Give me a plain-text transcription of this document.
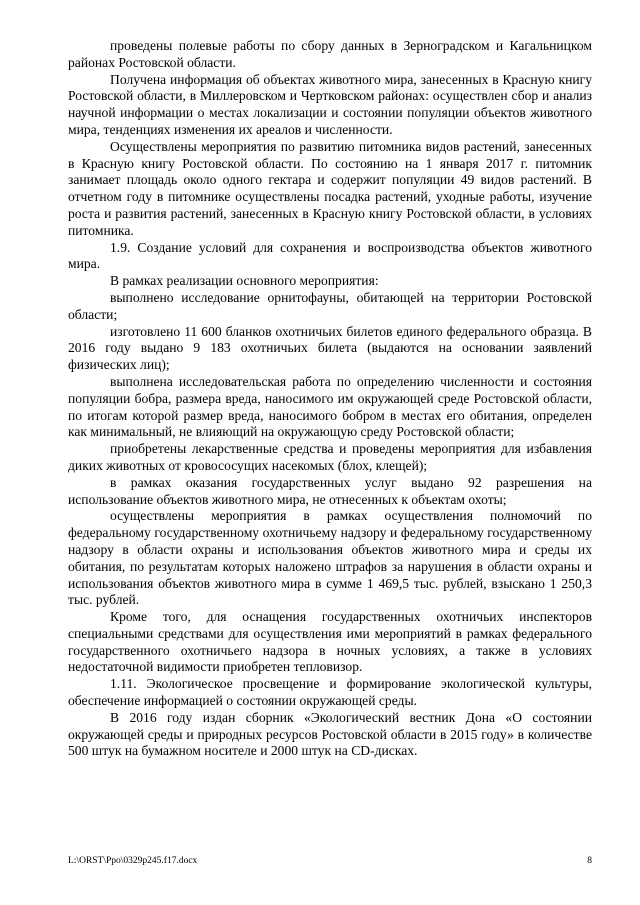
проведены полевые работы по сбору данных в Зерноградском и Кагальницком районах Ростовской области.

Получена информация об объектах животного мира, занесенных в Красную книгу Ростовской области, в Миллеровском и Чертковском районах: осуществлен сбор и анализ научной информации о местах локализации и состоянии популяции объектов животного мира, тенденциях изменения их ареалов и численности.

Осуществлены мероприятия по развитию питомника видов растений, занесенных в Красную книгу Ростовской области. По состоянию на 1 января 2017 г. питомник занимает площадь около одного гектара и содержит популяции 49 видов растений. В отчетном году в питомнике осуществлены посадка растений, уходные работы, изучение роста и развития растений, занесенных в Красную книгу Ростовской области, в условиях питомника.

1.9. Создание условий для сохранения и воспроизводства объектов животного мира.

В рамках реализации основного мероприятия:

выполнено исследование орнитофауны, обитающей на территории Ростовской области;

изготовлено 11 600 бланков охотничьих билетов единого федерального образца. В 2016 году выдано 9 183 охотничьих билета (выдаются на основании заявлений физических лиц);

выполнена исследовательская работа по определению численности и состояния популяции бобра, размера вреда, наносимого им окружающей среде Ростовской области, по итогам которой размер вреда, наносимого бобром в местах его обитания, определен как минимальный, не влияющий на окружающую среду Ростовской области;

приобретены лекарственные средства и проведены мероприятия для избавления диких животных от кровососущих насекомых (блох, клещей);

в рамках оказания государственных услуг выдано 92 разрешения на использование объектов животного мира, не отнесенных к объектам охоты;

осуществлены мероприятия в рамках осуществления полномочий по федеральному государственному охотничьему надзору и федеральному государственному надзору в области охраны и использования объектов животного мира и среды их обитания, по результатам которых наложено штрафов за нарушения в области охраны и использования объектов животного мира в сумме 1 469,5 тыс. рублей, взыскано 1 250,3 тыс. рублей.

Кроме того, для оснащения государственных охотничьих инспекторов специальными средствами для осуществления ими мероприятий в рамках федерального государственного охотничьего надзора в ночных условиях, а также в условиях недостаточной видимости приобретен тепловизор.

1.11. Экологическое просвещение и формирование экологической культуры, обеспечение информацией о состоянии окружающей среды.

В 2016 году издан сборник «Экологический вестник Дона «О состоянии окружающей среды и природных ресурсов Ростовской области в 2015 году» в количестве 500 штук на бумажном носителе и 2000 штук на CD-дисках.

L:\ORST\Ppo\0329p245.f17.docx	8
